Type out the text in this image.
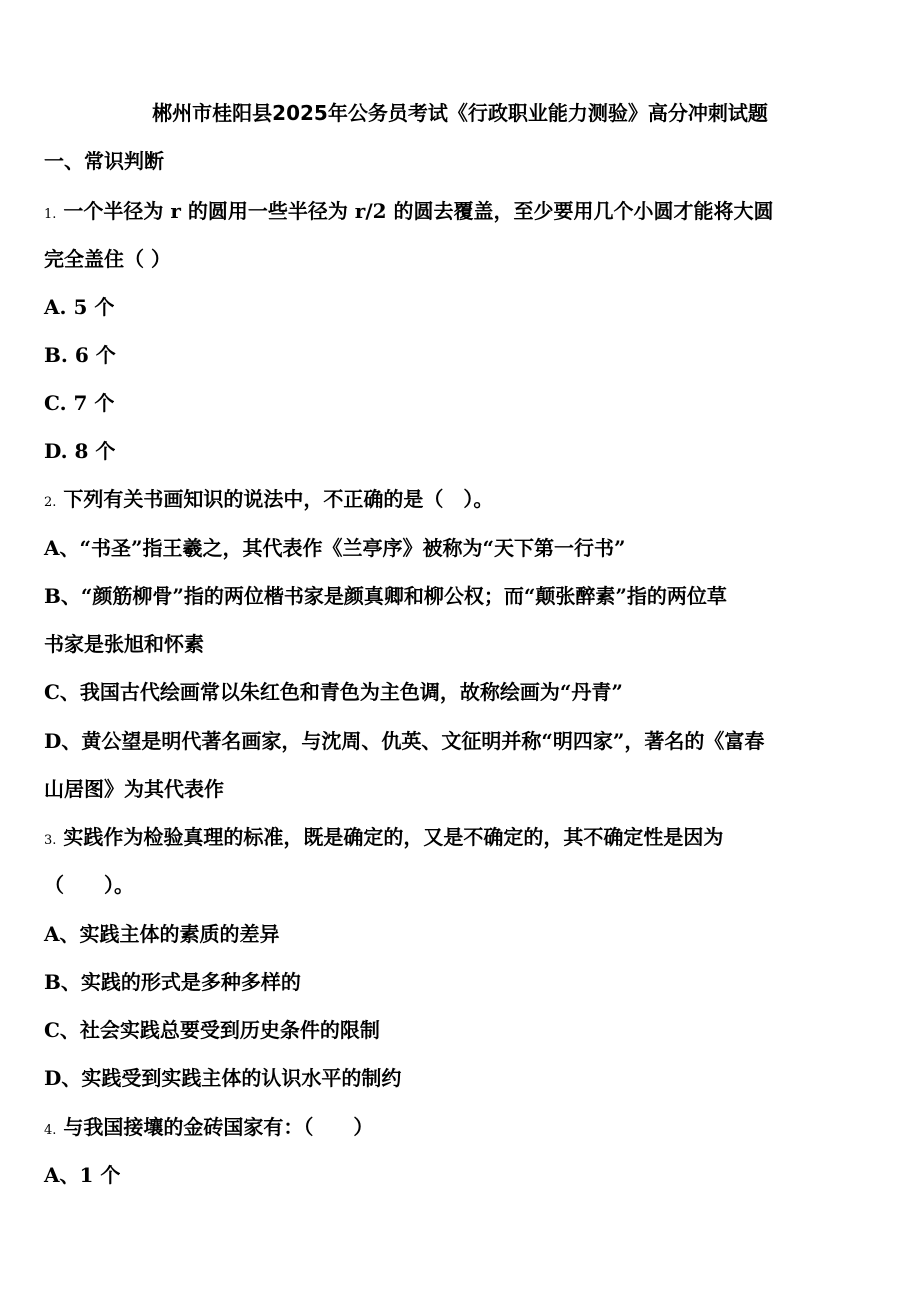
郴州市桂阳县2025年公务员考试《行政职业能力测验》高分冲刺试题
一、常识判断
1. 一个半径为 r 的圆用一些半径为 r/2 的圆去覆盖，至少要用几个小圆才能将大圆
完全盖住（ ）
A. 5 个
B. 6 个
C. 7 个
D. 8 个
2. 下列有关书画知识的说法中，不正确的是（　）。
A、“书圣”指王羲之，其代表作《兰亭序》被称为“天下第一行书”
B、“颜筋柳骨”指的两位楷书家是颜真卿和柳公权；而“颠张醉素”指的两位草
书家是张旭和怀素
C、我国古代绘画常以朱红色和青色为主色调，故称绘画为“丹青”
D、黄公望是明代著名画家，与沈周、仇英、文征明并称“明四家”，著名的《富春
山居图》为其代表作
3. 实践作为检验真理的标准，既是确定的，又是不确定的，其不确定性是因为
（　　）。
A、实践主体的素质的差异
B、实践的形式是多种多样的
C、社会实践总要受到历史条件的限制
D、实践受到实践主体的认识水平的制约
4. 与我国接壤的金砖国家有：（　　）
A、1 个
